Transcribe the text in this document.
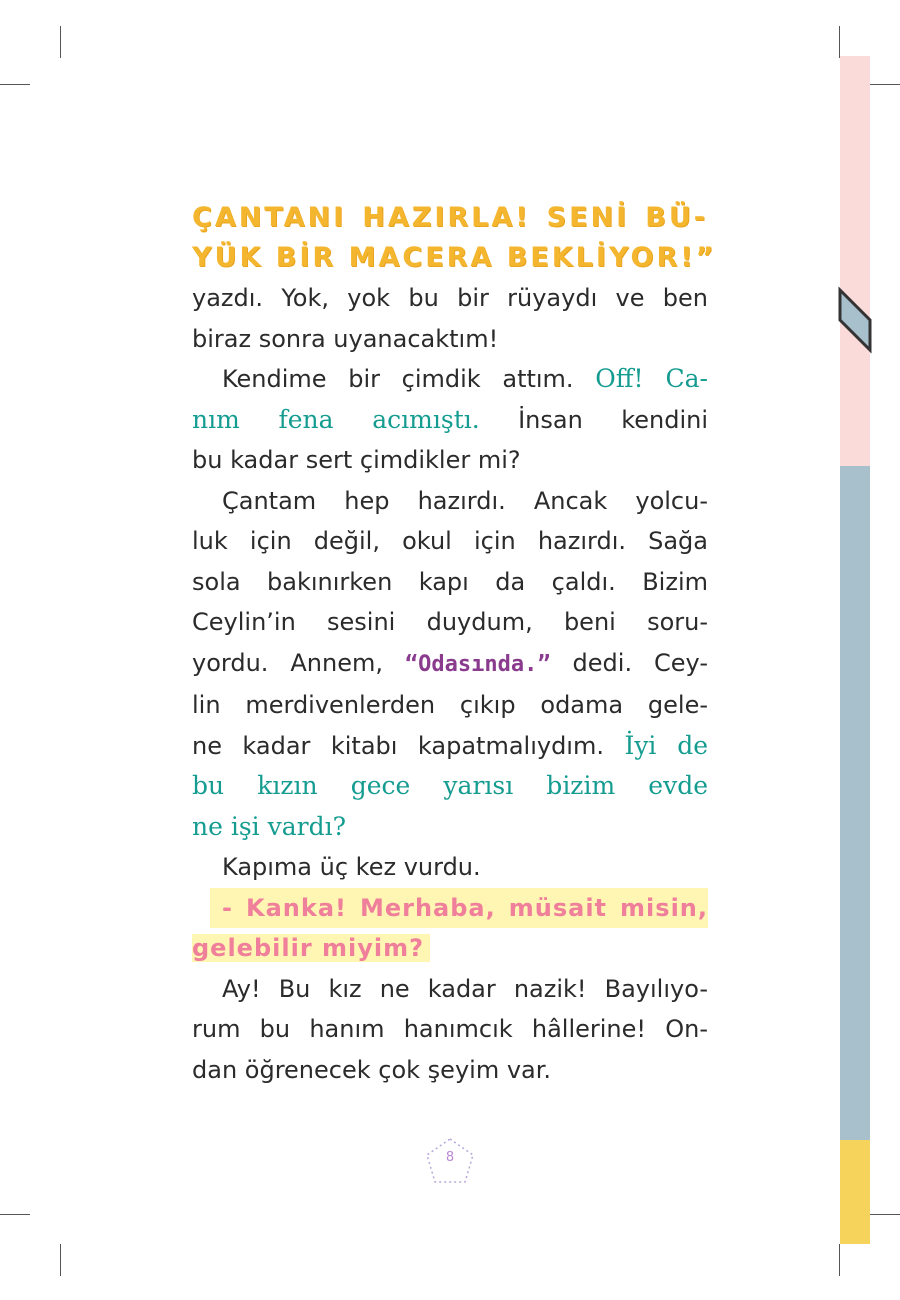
ÇANTANI HAZIRLA! SENİ BÜ-
YÜK BİR MACERA BEKLİYOR!”
yazdı. Yok, yok bu bir rüyaydı ve ben
biraz sonra uyanacaktım!
Kendime bir çimdik attım. Off! Ca-
nım fena acımıştı. İnsan kendini
bu kadar sert çimdikler mi?
Çantam hep hazırdı. Ancak yolcu-
luk için değil, okul için hazırdı. Sağa
sola bakınırken kapı da çaldı. Bizim
Ceylin’in sesini duydum, beni soru-
yordu. Annem, “Odasında.” dedi. Cey-
lin merdivenlerden çıkıp odama gele-
ne kadar kitabı kapatmalıydım. İyi de
bu kızın gece yarısı bizim evde
ne işi vardı?
Kapıma üç kez vurdu.
- Kanka! Merhaba, müsait misin,
gelebilir miyim?
Ay! Bu kız ne kadar nazik! Bayılıyo-
rum bu hanım hanımcık hâllerine! On-
dan öğrenecek çok şeyim var.
8
